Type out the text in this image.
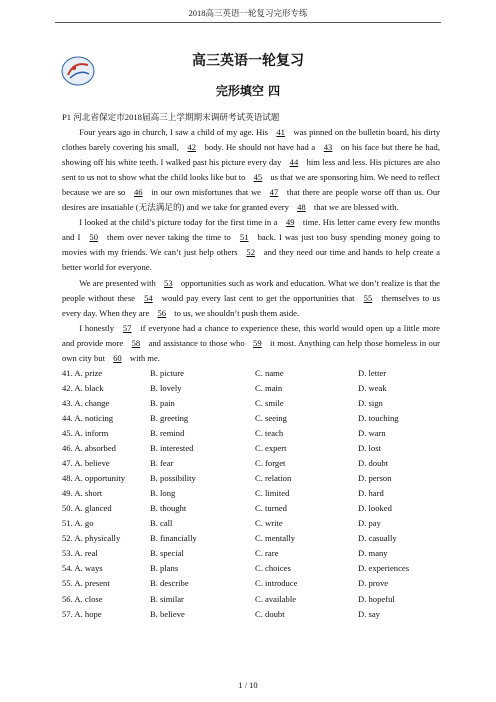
2018高三英语一轮复习完形专练
高三英语一轮复习
完形填空 四

P1 河北省保定市2018届高三上学期期末调研考试英语试题

Four years ago in church, I saw a child of my age. His 41 was pinned on the bulletin board, his dirty clothes barely covering his small, 42 body. He should not have had a 43 on his face but there he had, showing off his white teeth. I walked past his picture every day 44 him less and less. His pictures are also sent to us not to show what the child looks like but to 45 us that we are sponsoring him. We need to reflect because we are so 46 in our own misfortunes that we 47 that there are people worse off than us. Our desires are insatiable (无法满足的) and we take for granted every 48 that we are blessed with.

I looked at the child’s picture today for the first time in a 49 time. His letter came every few months and I 50 them over never taking the time to 51 back. I was just too busy spending money going to movies with my friends. We can’t just help others 52 and they need our time and hands to help create a better world for everyone.

We are presented with 53 opportunities such as work and education. What we don’t realize is that the people without these 54 would pay every last cent to get the opportunities that 55 themselves to us every day. When they are 56 to us, we shouldn’t push them aside.

I honestly 57 if everyone had a chance to experience these, this world would open up a little more and provide more 58 and assistance to those who 59 it most. Anything can help those homeless in our own city but 60 with me.

41. A. prize	B. picture	C. name	D. letter
42. A. black	B. lovely	C. main	D. weak
43. A. change	B. pain	C. smile	D. sign
44. A. noticing	B. greeting	C. seeing	D. touching
45. A. inform	B. remind	C. teach	D. warn
46. A. absorbed	B. interested	C. expert	D. lost
47. A. believe	B. fear	C. forget	D. doubt
48. A. opportunity	B. possibility	C. relation	D. person
49. A. short	B. long	C. limited	D. hard
50. A. glanced	B. thought	C. turned	D. looked
51. A. go	B. call	C. write	D. pay
52. A. physically	B. financially	C. mentally	D. casually
53. A. real	B. special	C. rare	D. many
54. A. ways	B. plans	C. choices	D. experiences
55. A. present	B. describe	C. introduce	D. prove
56. A. close	B. similar	C. available	D. hopeful
57. A. hope	B. believe	C. doubt	D. say
1 / 10
